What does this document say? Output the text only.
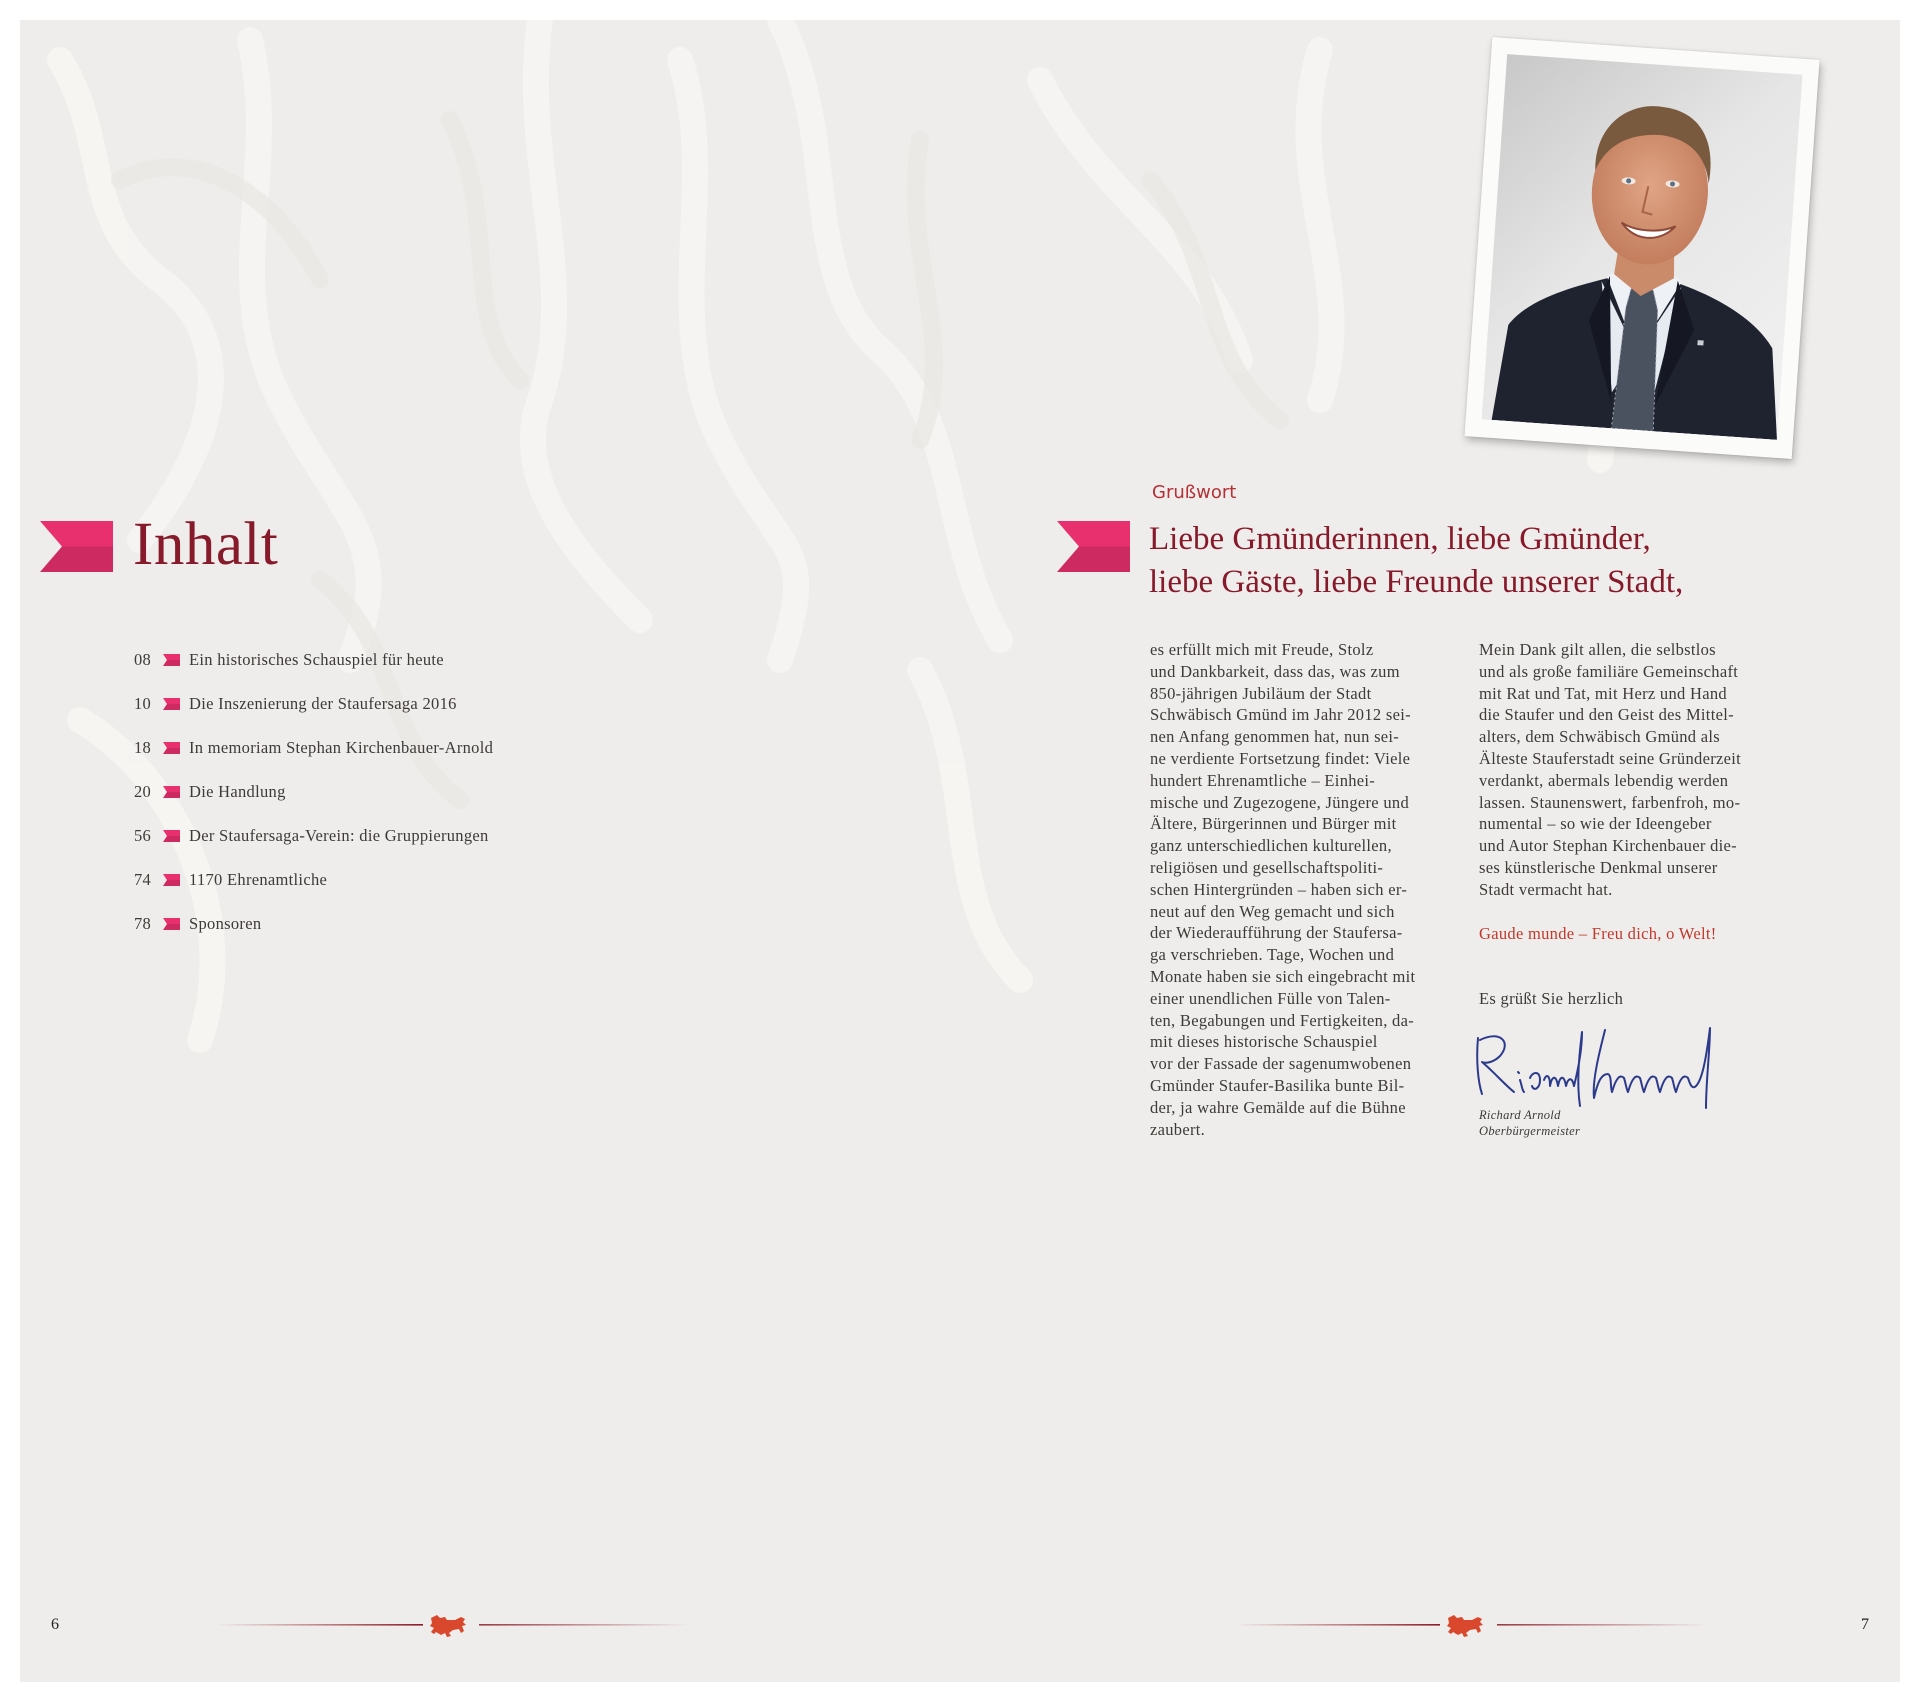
Inhalt
08	Ein historisches Schauspiel für heute
10	Die Inszenierung der Staufersaga 2016
18	In memoriam Stephan Kirchenbauer-Arnold
20	Die Handlung
56	Der Staufersaga-Verein: die Gruppierungen
74	1170 Ehrenamtliche
78	Sponsoren
6
Grußwort
Liebe Gmünderinnen, liebe Gmünder,
liebe Gäste, liebe Freunde unserer Stadt,
es erfüllt mich mit Freude, Stolz
und Dankbarkeit, dass das, was zum
850-jährigen Jubiläum der Stadt
Schwäbisch Gmünd im Jahr 2012 sei-
nen Anfang genommen hat, nun sei-
ne verdiente Fortsetzung findet: Viele
hundert Ehrenamtliche – Einhei-
mische und Zugezogene, Jüngere und
Ältere, Bürgerinnen und Bürger mit
ganz unterschiedlichen kulturellen,
religiösen und gesellschaftspoliti-
schen Hintergründen – haben sich er-
neut auf den Weg gemacht und sich
der Wiederaufführung der Staufersa-
ga verschrieben. Tage, Wochen und
Monate haben sie sich eingebracht mit
einer unendlichen Fülle von Talen-
ten, Begabungen und Fertigkeiten, da-
mit dieses historische Schauspiel
vor der Fassade der sagenumwobenen
Gmünder Staufer-Basilika bunte Bil-
der, ja wahre Gemälde auf die Bühne
zaubert.
Mein Dank gilt allen, die selbstlos
und als große familiäre Gemeinschaft
mit Rat und Tat, mit Herz und Hand
die Staufer und den Geist des Mittel-
alters, dem Schwäbisch Gmünd als
Älteste Stauferstadt seine Gründerzeit
verdankt, abermals lebendig werden
lassen. Staunenswert, farbenfroh, mo-
numental – so wie der Ideengeber
und Autor Stephan Kirchenbauer die-
ses künstlerische Denkmal unserer
Stadt vermacht hat.
Gaude munde – Freu dich, o Welt!
Es grüßt Sie herzlich
Richard Arnold
Oberbürgermeister
7
